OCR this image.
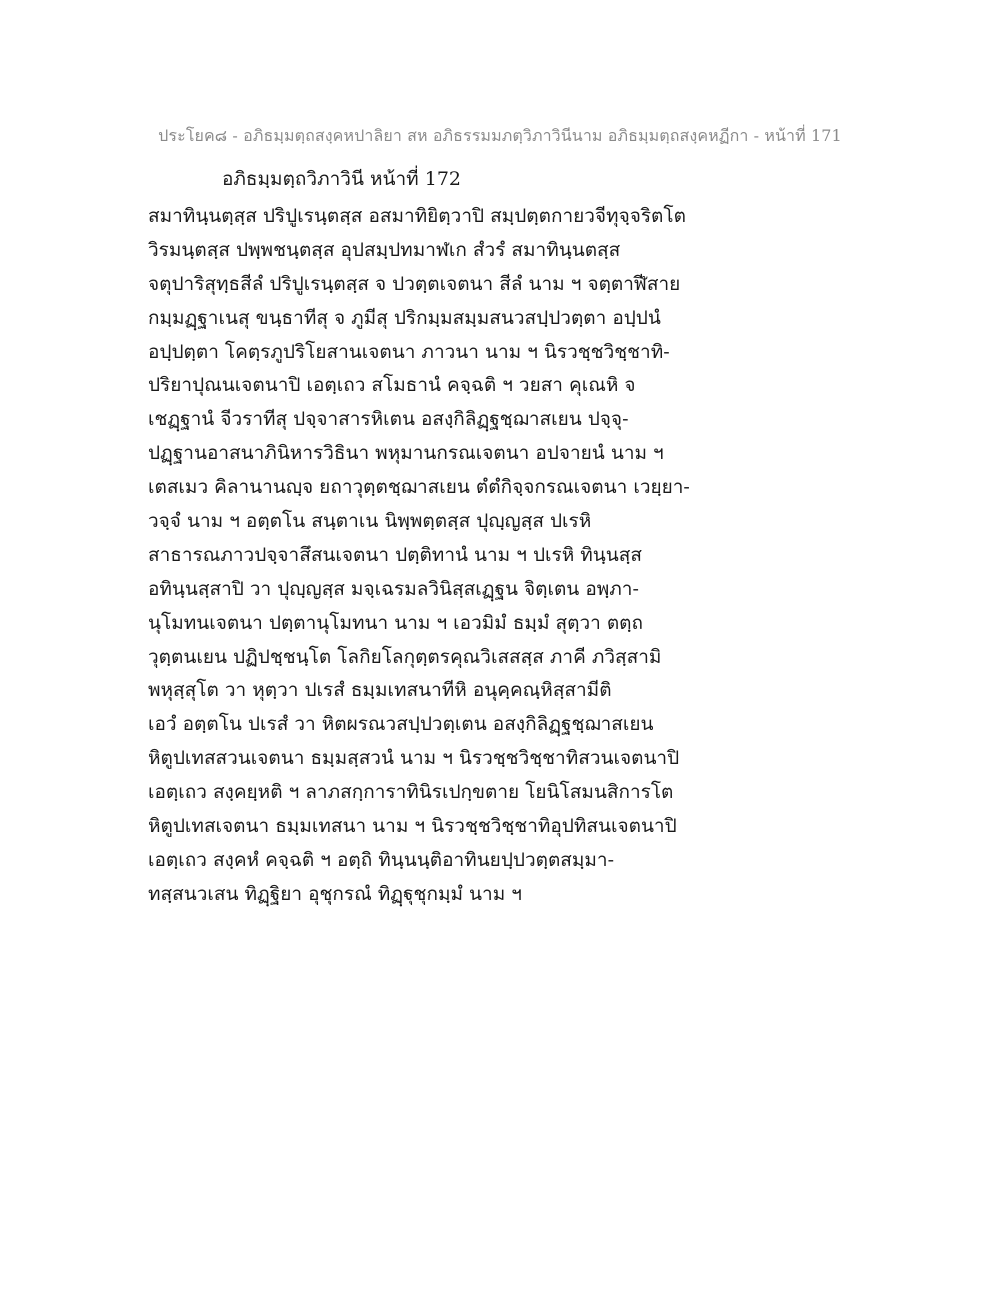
ประโยค๘ - อภิธมฺมตฺถสงฺคหปาลิยา สห อภิธรรมมภตฺวิภาวินีนาม อภิธมฺมตฺถสงฺคหฏีกา - หน้าที่ 171
อภิธมฺมตฺถวิภาวินี หน้าที่ 172
สมาทินฺนตฺสฺส ปริปูเรนฺตสฺส อสมาทิยิตฺวาปิ สมฺปตฺตกายวจีทุจฺจริตโต
วิรมนฺตสฺส ปพฺพชนฺตสฺส อุปสมฺปทมาฬเก สํวรํ สมาทินฺนตสฺส
จตุปาริสุทฺธสีลํ ปริปูเรนฺตสฺส จ ปวตฺตเจตนา สีลํ นาม ฯ จตฺตาฬีสาย
กมฺมฏฺฐาเนสุ ขนฺธาทีสุ จ ภูมีสุ ปริกมฺมสมฺมสนวสปฺปวตฺตา อปฺปนํ
อปฺปตฺตา โคตฺรภูปริโยสานเจตนา ภาวนา นาม ฯ นิรวชฺชวิชฺชาทิ-
ปริยาปุณนเจตนาปิ เอตฺเถว สโมธานํ คจฺฉติ ฯ วยสา คุเณหิ จ
เชฏฺฐานํ จีวราทีสุ ปจฺจาสารหิเตน อสงฺกิลิฏฺฐชฺฌาสเยน ปจฺจุ-
ปฏฺฐานอาสนาภินิหารวิธินา พหุมานกรณเจตนา อปจายนํ นาม ฯ
เตสเมว คิลานานญฺจ ยถาวุตฺตชฺฌาสเยน ตํตํกิจฺจกรณเจตนา เวยฺยา-
วจฺจํ นาม ฯ อตฺตโน สนฺตาเน นิพฺพตฺตสฺส ปุญฺญสฺส ปเรหิ
สาธารณภาวปจฺจาสึสนเจตนา ปตฺติทานํ นาม ฯ ปเรหิ ทินฺนสฺส
อทินฺนสฺสาปิ วา ปุญฺญสฺส มจฺเฉรมลวินิสฺสเฏฺฐน จิตฺเตน อพฺภา-
นุโมทนเจตนา ปตฺตานุโมทนา นาม ฯ เอวมิมํ ธมฺมํ สุตฺวา ตตฺถ
วุตฺตนเยน ปฏิปชฺชนฺโต โลกิยโลกุตฺตรคุณวิเสสสฺส ภาคี ภวิสฺสามิ
พหุสฺสุโต วา หุตฺวา ปเรสํ ธมฺมเทสนาทีหิ อนุคฺคณฺหิสฺสามีติ
เอวํ อตฺตโน ปเรสํ วา หิตผรณวสปฺปวตฺเตน อสงฺกิลิฏฺฐชฺฌาสเยน
หิตูปเทสสวนเจตนา ธมฺมสฺสวนํ นาม ฯ นิรวชฺชวิชฺชาทิสวนเจตนาปิ
เอตฺเถว สงฺคยฺหติ ฯ ลาภสกฺการาทินิรเปกฺขตาย โยนิโสมนสิการโต
หิตูปเทสเจตนา ธมฺมเทสนา นาม ฯ นิรวชฺชวิชฺชาทิอุปทิสนเจตนาปิ
เอตฺเถว สงฺคหํ คจฺฉติ ฯ อตฺถิ ทินฺนนฺติอาทินยปฺปวตฺตสมฺมา-
ทสฺสนวเสน ทิฏฺฐิยา อุชุกรณํ ทิฏฺฐุชุกมฺมํ นาม ฯ
